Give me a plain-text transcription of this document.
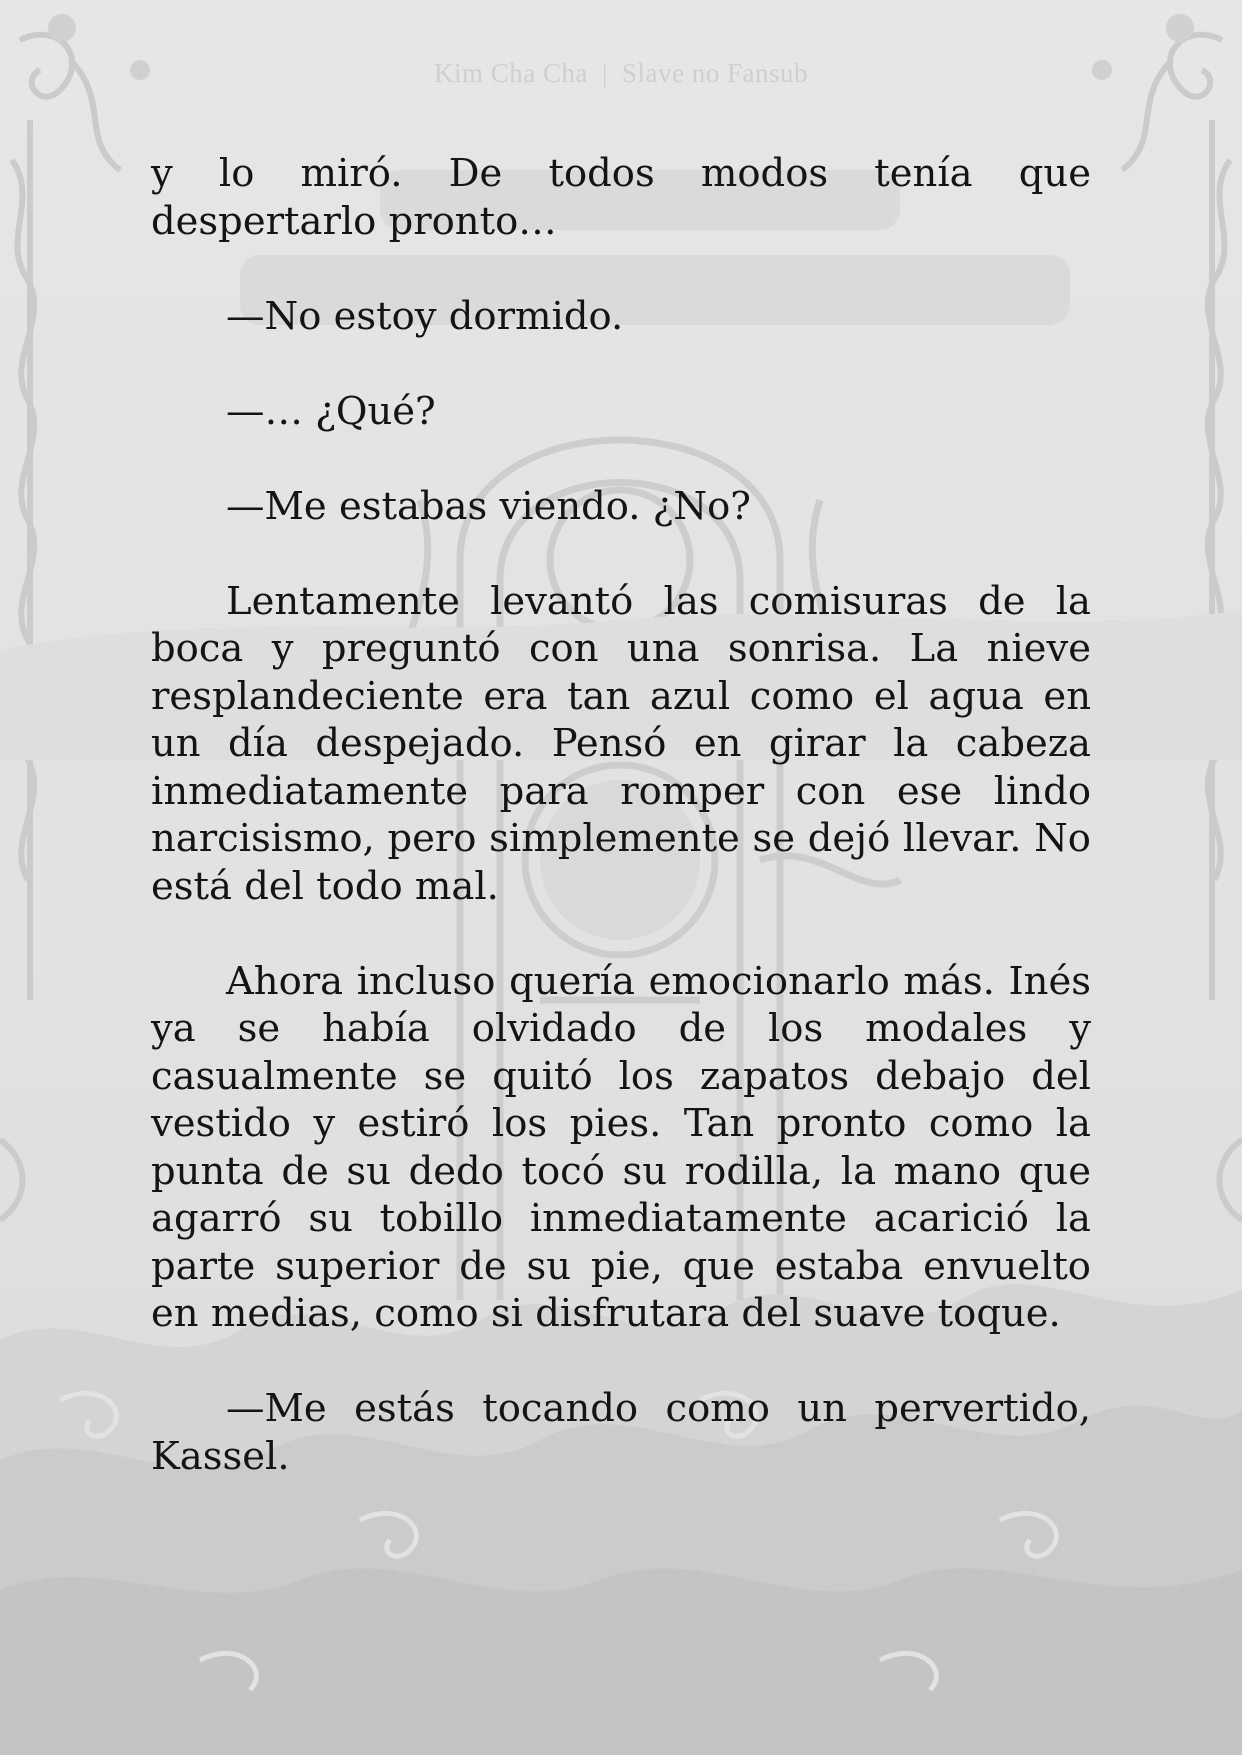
Kim Cha Cha | Slave no Fansub

y lo miró. De todos modos tenía que despertarlo pronto…

—No estoy dormido.

—… ¿Qué?

—Me estabas viendo. ¿No?

Lentamente levantó las comisuras de la boca y preguntó con una sonrisa. La nieve resplandeciente era tan azul como el agua en un día despejado. Pensó en girar la cabeza inmediatamente para romper con ese lindo narcisismo, pero simplemente se dejó llevar. No está del todo mal.

Ahora incluso quería emocionarlo más. Inés ya se había olvidado de los modales y casualmente se quitó los zapatos debajo del vestido y estiró los pies. Tan pronto como la punta de su dedo tocó su rodilla, la mano que agarró su tobillo inmediatamente acarició la parte superior de su pie, que estaba envuelto en medias, como si disfrutara del suave toque.

—Me estás tocando como un pervertido, Kassel.
